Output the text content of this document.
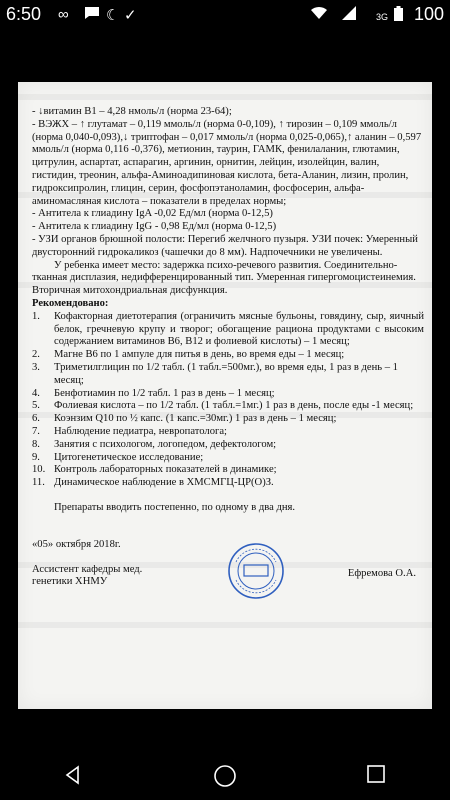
6:50 ∞ ☾ ✓	3G 100

- ↓витамин B1 – 4,28 нмоль/л (норма 23-64);

- ВЭЖХ – ↑ глутамат – 0,119 ммоль/л (норма 0-0,109), ↑ тирозин – 0,109 ммоль/л

(норма 0,040-0,093),↓ триптофан – 0,017 ммоль/л (норма 0,025-0,065),↑ аланин – 0,597

ммоль/л (норма 0,116 -0,376), метионин, таурин, ГАМК, фенилаланин, глютамин,

цитрулин, аспартат, аспарагин, аргинин, орнитин, лейцин, изолейцин, валин,

гистидин, треонин, альфа-Аминоадипиновая кислота, бета-Аланин, лизин, пролин,

гидроксипролин, глицин, серин, фосфопэтаноламин, фосфосерин, альфа-

аминомасляная кислота – показатели в пределах нормы;

- Антитела к глиадину IgA -0,02 Ед/мл (норма 0-12,5)

- Антитела к глиадину IgG - 0,98 Ед/мл (норма 0-12,5)

- УЗИ органов брюшной полости: Перегиб желчного пузыря. УЗИ почек: Умеренный

двусторонний гидрокаликоз (чашечки до 8 мм). Надпочечники не увеличены.

У ребенка имеет место: задержка психо-речевого развития. Соединительно-

тканная дисплазия, недифференцированный тип. Умеренная гипергомоцистеинемия.

Вторичная митохондриальная дисфункция.

Рекомендовано:

1.	Кофакторная диетотерапия (ограничить мясные бульоны, говядину, сыр, яичный белок, гречневую крупу и творог; обогащение рациона продуктами с высоким содержанием витаминов В6, В12 и фолиевой кислоты) – 1 месяц;
2.	Магне B6 по 1 ампуле для питья в день, во время еды – 1 месяц;
3.	Триметилглицин по 1/2 табл. (1 табл.=500мг.), во время еды, 1 раз в день – 1 месяц;
4.	Бенфотиамин по 1/2 табл. 1 раз в день – 1 месяц;
5.	Фолиевая кислота – по 1/2 табл. (1 табл.=1мг.) 1 раз в день, после еды -1 месяц;
6.	Коэнзим Q10 по ½ капс. (1 капс.=30мг.) 1 раз в день – 1 месяц;
7.	Наблюдение педиатра, невропатолога;
8.	Занятия с психологом, логопедом, дефектологом;
9.	Цитогенетическое исследование;
10. Контроль лабораторных показателей в динамике;
11. Динамическое наблюдение в ХМСМГЦ-ЦР(О)З.

Препараты вводить постепенно, по одному в два дня.

«05» октября 2018г.

Ассистент кафедры мед.
генетики ХНМУ
Ефремова О.А.
